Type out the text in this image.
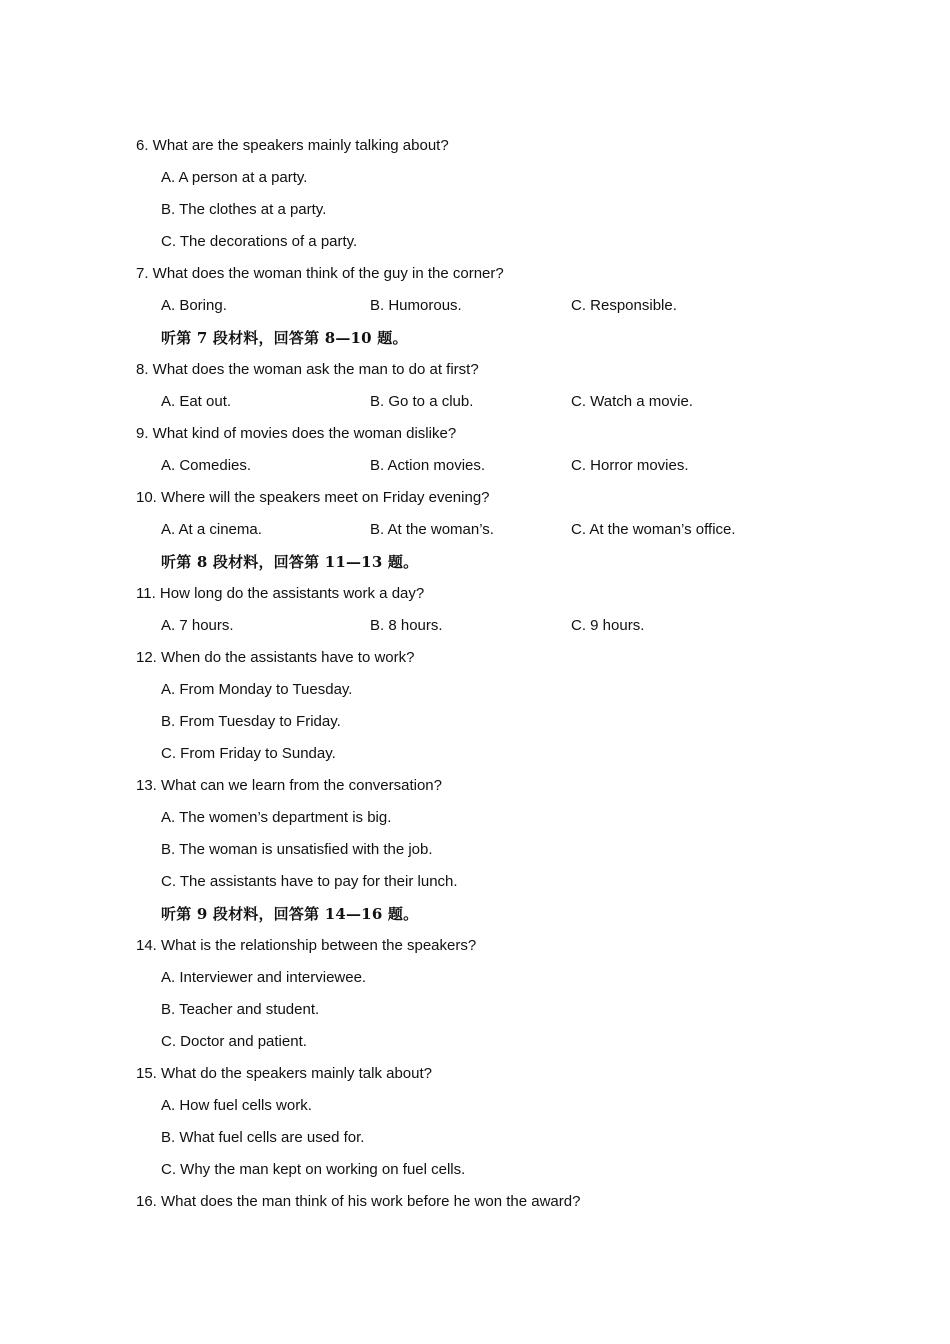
6. What are the speakers mainly talking about?
A. A person at a party.
B. The clothes at a party.
C. The decorations of a party.
7. What does the woman think of the guy in the corner?
A. Boring.	B. Humorous.	C. Responsible.
听第 7 段材料，回答第 8—10 题。
8. What does the woman ask the man to do at first?
A. Eat out.	B. Go to a club.	C. Watch a movie.
9. What kind of movies does the woman dislike?
A. Comedies.	B. Action movies.	C. Horror movies.
10. Where will the speakers meet on Friday evening?
A. At a cinema.	B. At the woman’s.	C. At the woman’s office.
听第 8 段材料，回答第 11—13 题。
11. How long do the assistants work a day?
A. 7 hours.	B. 8 hours.	C. 9 hours.
12. When do the assistants have to work?
A. From Monday to Tuesday.
B. From Tuesday to Friday.
C. From Friday to Sunday.
13. What can we learn from the conversation?
A. The women’s department is big.
B. The woman is unsatisfied with the job.
C. The assistants have to pay for their lunch.
听第 9 段材料，回答第 14—16 题。
14. What is the relationship between the speakers?
A. Interviewer and interviewee.
B. Teacher and student.
C. Doctor and patient.
15. What do the speakers mainly talk about?
A. How fuel cells work.
B. What fuel cells are used for.
C. Why the man kept on working on fuel cells.
16. What does the man think of his work before he won the award?
